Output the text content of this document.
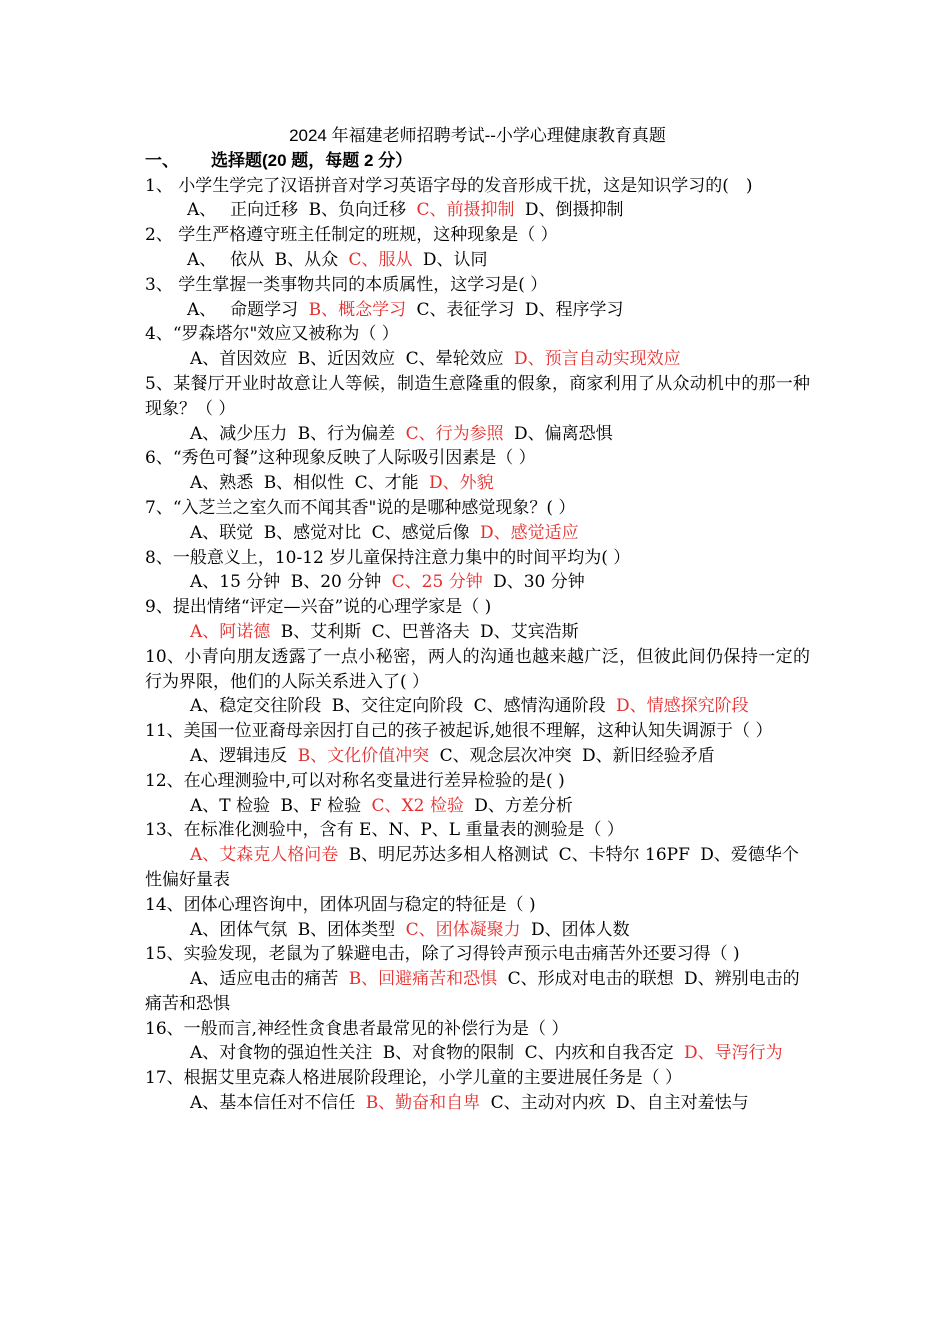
2024 年福建老师招聘考试--小学心理健康教育真题
一、 选择题(20 题，每题 2 分）
1、 小学生学完了汉语拼音对学习英语字母的发音形成干扰，这是知识学习的(　)
A、　 正向迁移 B、负向迁移 C、前摄抑制 D、倒摄抑制
2、 学生严格遵守班主任制定的班规，这种现象是（ ）
A、　 依从 B、从众 C、服从 D、认同
3、 学生掌握一类事物共同的本质属性，这学习是( ）
A、　 命题学习 B、概念学习 C、表征学习 D、程序学习
4、“罗森塔尔"效应又被称为（ ）
A、首因效应 B、近因效应 C、晕轮效应 D、预言自动实现效应
5、某餐厅开业时故意让人等候，制造生意隆重的假象，商家利用了从众动机中的那一种现象？（ ）
A、减少压力 B、行为偏差 C、行为参照 D、偏离恐惧
6、“秀色可餐”这种现象反映了人际吸引因素是（ ）
A、熟悉 B、相似性 C、才能 D、外貌
7、“入芝兰之室久而不闻其香"说的是哪种感觉现象？( ）
A、联觉 B、感觉对比 C、感觉后像 D、感觉适应
8、一般意义上，10-12 岁儿童保持注意力集中的时间平均为( ）
A、15 分钟 B、20 分钟 C、25 分钟 D、30 分钟
9、提出情绪“评定—兴奋”说的心理学家是（ )
A、阿诺德 B、艾利斯 C、巴普洛夫 D、艾宾浩斯
10、小青向朋友透露了一点小秘密，两人的沟通也越来越广泛，但彼此间仍保持一定的行为界限，他们的人际关系进入了( ）
A、稳定交往阶段 B、交往定向阶段 C、感情沟通阶段 D、情感探究阶段
11、美国一位亚裔母亲因打自己的孩子被起诉,她很不理解，这种认知失调源于（ ）
A、逻辑违反 B、文化价值冲突 C、观念层次冲突 D、新旧经验矛盾
12、在心理测验中,可以对称名变量进行差异检验的是( )
A、T 检验 B、F 检验 C、X2 检验 D、方差分析
13、在标准化测验中，含有 E、N、P、L 重量表的测验是（ ）
A、艾森克人格问卷 B、明尼苏达多相人格测试 C、卡特尔 16PF D、爱德华个性偏好量表
14、团体心理咨询中，团体巩固与稳定的特征是（ )
A、团体气氛 B、团体类型 C、团体凝聚力 D、团体人数
15、实验发现，老鼠为了躲避电击，除了习得铃声预示电击痛苦外还要习得（ )
A、适应电击的痛苦 B、回避痛苦和恐惧 C、形成对电击的联想 D、辨别电击的痛苦和恐惧
16、一般而言,神经性贪食患者最常见的补偿行为是（ ）
A、对食物的强迫性关注 B、对食物的限制 C、内疚和自我否定 D、导泻行为
17、根据艾里克森人格进展阶段理论，小学儿童的主要进展任务是（ ）
A、基本信任对不信任 B、勤奋和自卑 C、主动对内疚 D、自主对羞怯与
